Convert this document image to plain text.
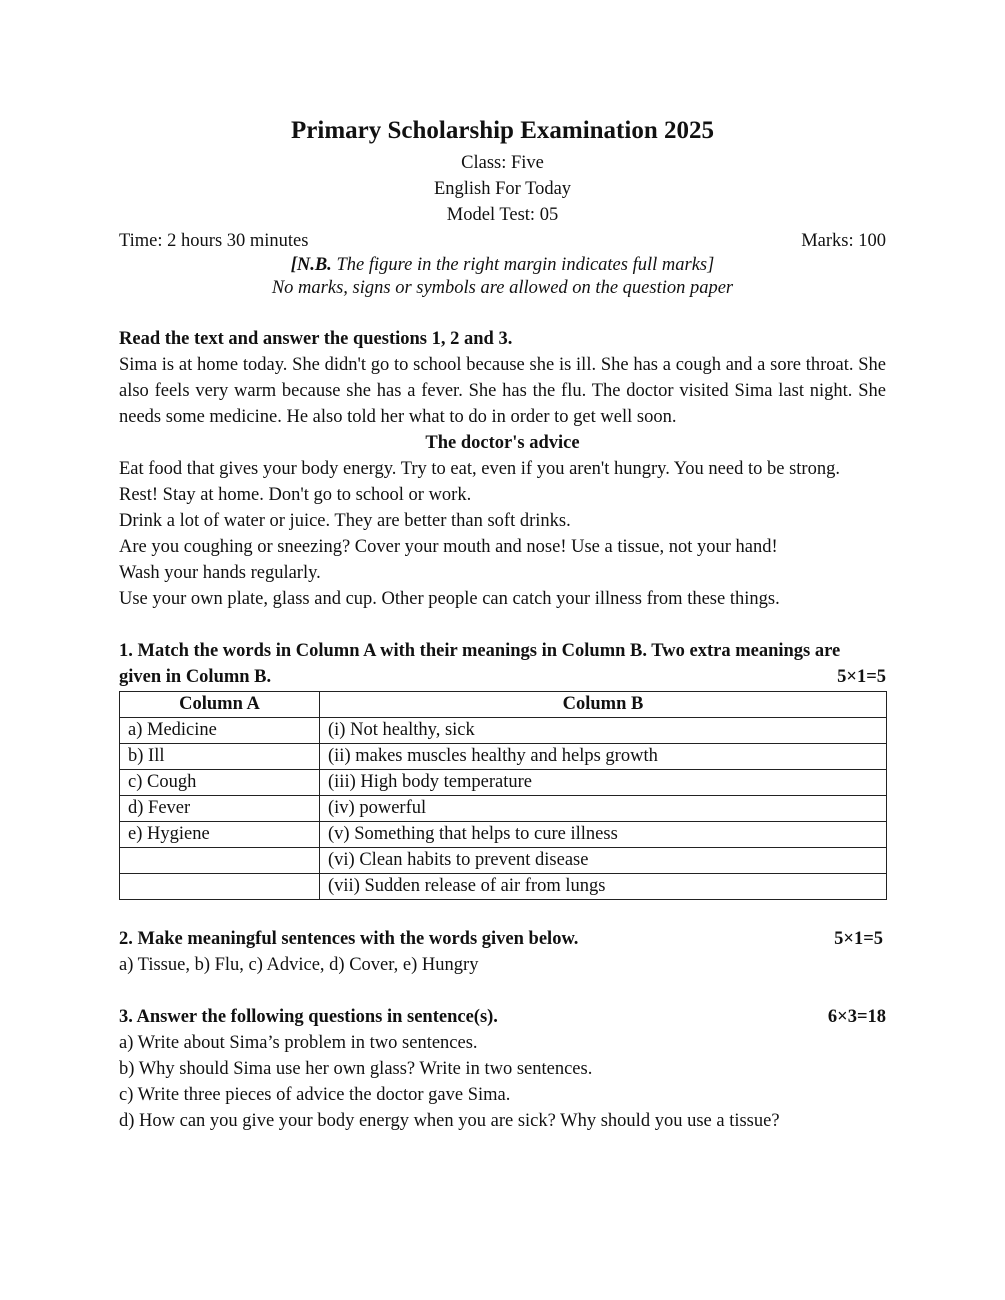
Primary Scholarship Examination 2025
Class: Five
English For Today
Model Test: 05
Time: 2 hours 30 minutes	Marks: 100
[N.B. The figure in the right margin indicates full marks]
No marks, signs or symbols are allowed on the question paper
Read the text and answer the questions 1, 2 and 3.

Sima is at home today. She didn't go to school because she is ill. She has a cough and a sore throat. She also feels very warm because she has a fever. She has the flu. The doctor visited Sima last night. She needs some medicine. He also told her what to do in order to get well soon.

The doctor's advice

Eat food that gives your body energy. Try to eat, even if you aren't hungry. You need to be strong.

Rest! Stay at home. Don't go to school or work.

Drink a lot of water or juice. They are better than soft drinks.

Are you coughing or sneezing? Cover your mouth and nose! Use a tissue, not your hand!

Wash your hands regularly.

Use your own plate, glass and cup. Other people can catch your illness from these things.

1. Match the words in Column A with their meanings in Column B. Two extra meanings are
given in Column B.	5×1=5
Column A	Column B
a) Medicine	(i) Not healthy, sick
b) Ill	(ii) makes muscles healthy and helps growth
c) Cough	(iii) High body temperature
d) Fever	(iv) powerful
e) Hygiene	(v) Something that helps to cure illness
	(vi) Clean habits to prevent disease
	(vii) Sudden release of air from lungs
2. Make meaningful sentences with the words given below.	5×1=5
a) Tissue, b) Flu, c) Advice, d) Cover, e) Hungry
3. Answer the following questions in sentence(s).	6×3=18
a) Write about Sima’s problem in two sentences.
b) Why should Sima use her own glass? Write in two sentences.
c) Write three pieces of advice the doctor gave Sima.
d) How can you give your body energy when you are sick? Why should you use a tissue?
